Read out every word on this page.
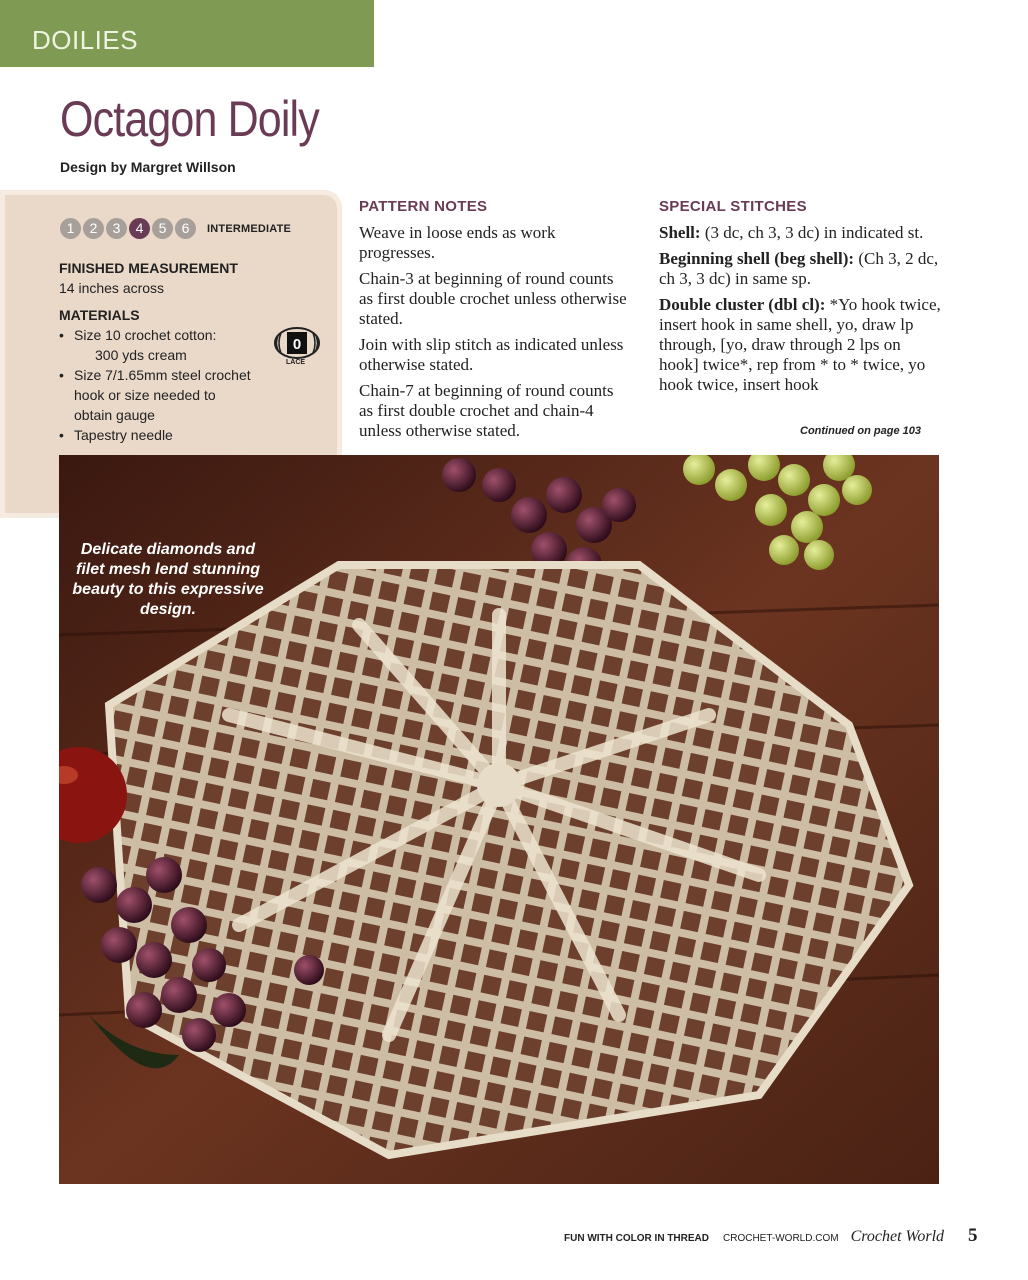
DOILIES
Octagon Doily
Design by Margret Willson
1	2	3	4	5	6	INTERMEDIATE
FINISHED MEASUREMENT
14 inches across
MATERIALS
• Size 10 crochet cotton:
300 yds cream
• Size 7/1.65mm steel crochet
hook or size needed to
obtain gauge
• Tapestry needle
0
LACE
PATTERN NOTES

Weave in loose ends as work progresses.

Chain-3 at beginning of round counts as first double crochet unless otherwise stated.

Join with slip stitch as indicated unless otherwise stated.

Chain-7 at beginning of round counts as first double crochet and chain-4 unless otherwise stated.

SPECIAL STITCHES

Shell: (3 dc, ch 3, 3 dc) in indicated st.

Beginning shell (beg shell): (Ch 3, 2 dc, ch 3, 3 dc) in same sp.

Double cluster (dbl cl): *Yo hook twice, insert hook in same shell, yo, draw lp through, [yo, draw through 2 lps on hook] twice*, rep from * to * twice, yo hook twice, insert hook

Continued on page 103
Delicate diamonds and filet mesh lend stunning beauty to this expressive design.
FUN WITH COLOR IN THREAD CROCHET-WORLD.COM Crochet World 5
